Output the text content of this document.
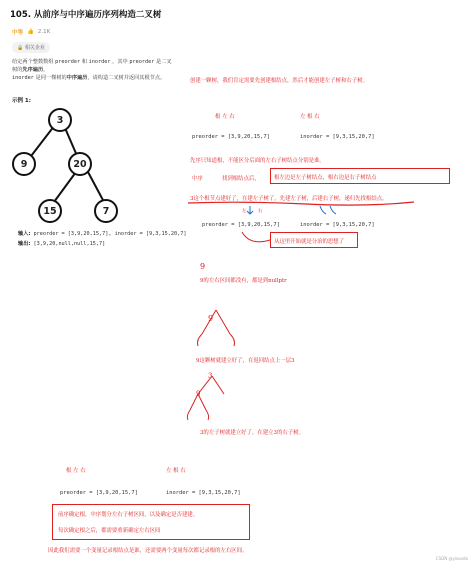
105. 从前序与中序遍历序列构造二叉树
中等 👍 2.1K
🔒 相关企业
给定两个整数数组 preorder 和 inorder ，其中 preorder 是二叉树的先序遍历，
inorder 是同一棵树的中序遍历，请构造二叉树并返回其根节点。
示例 1:
3
9	20
15	7
输入: preorder = [3,9,20,15,7], inorder = [9,3,15,20,7]
输出: [3,9,20,null,null,15,7]
创建一颗树，我们肯定需要先创建根结点，然后才能创建左子树和右子树。
根 左 右	左 根 右
preorder = [3,9,20,15,7]	inorder = [9,3,15,20,7]
先序只知道根，不能区分后面的左右子树结点分别是谁。
中序	找到根结点后，	根左边是左子树结点，根右边是右子树结点
3这个根节点建好了，在建左子树了，先建左子树，后建右子树，递归先找根结点。
左	右
preorder = [3,9,20,15,7]	inorder = [9,3,15,20,7]
从这里开始就是分治的思想了
9
9的左右区间都没有，都是到nullptr
9
9这颗树就建立好了，在返回结点上一层3
3
9
3的左子树就建立好了，在建立3的右子树。
根 左 右	左 根 右
preorder = [3,9,20,15,7]	inorder = [9,3,15,20,7]
前序确定根，中序划分左右子树区间，以及确定是否建建。
每次确定根之后，都需要重新确定左右区间
因此我们需要一个变量记录根结点是谁，还需要两个变量每次都记录根的左右区间。
CSDN @yisuoda
